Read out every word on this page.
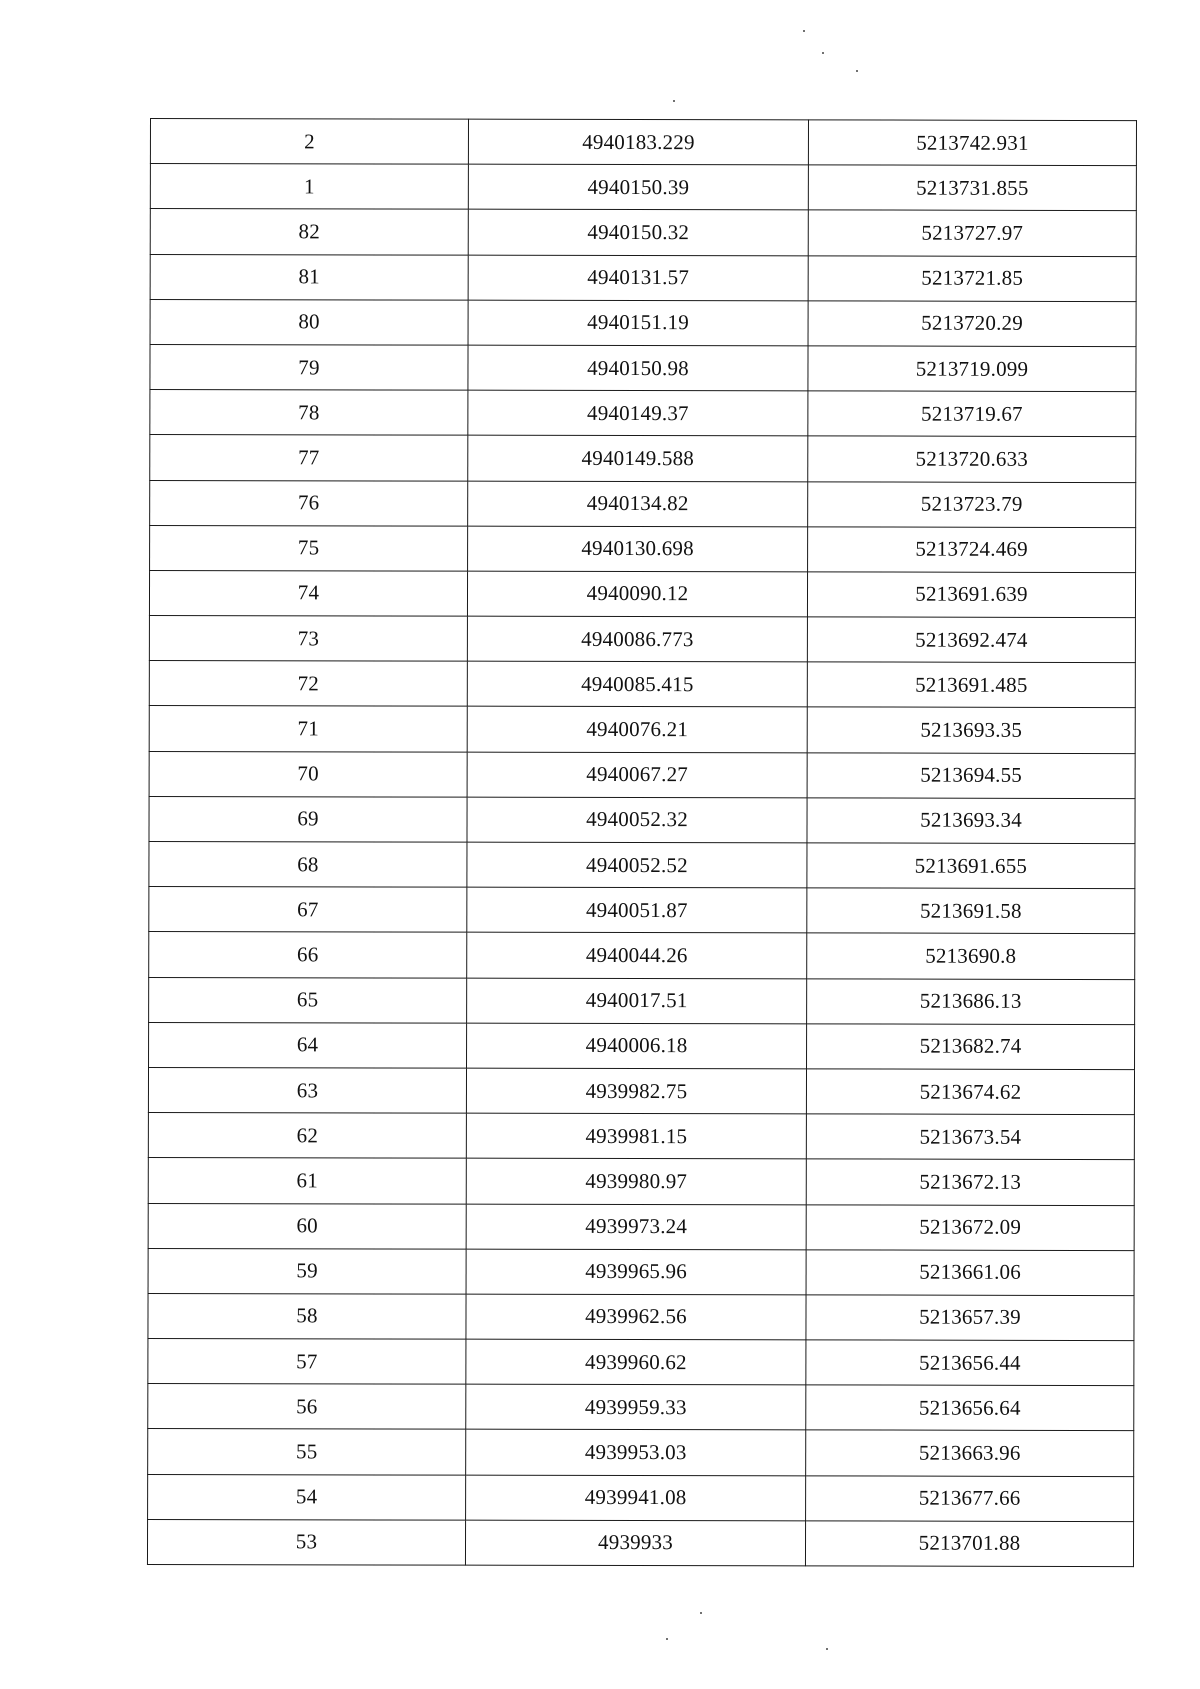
2	4940183.229	5213742.931
1	4940150.39	5213731.855
82	4940150.32	5213727.97
81	4940131.57	5213721.85
80	4940151.19	5213720.29
79	4940150.98	5213719.099
78	4940149.37	5213719.67
77	4940149.588	5213720.633
76	4940134.82	5213723.79
75	4940130.698	5213724.469
74	4940090.12	5213691.639
73	4940086.773	5213692.474
72	4940085.415	5213691.485
71	4940076.21	5213693.35
70	4940067.27	5213694.55
69	4940052.32	5213693.34
68	4940052.52	5213691.655
67	4940051.87	5213691.58
66	4940044.26	5213690.8
65	4940017.51	5213686.13
64	4940006.18	5213682.74
63	4939982.75	5213674.62
62	4939981.15	5213673.54
61	4939980.97	5213672.13
60	4939973.24	5213672.09
59	4939965.96	5213661.06
58	4939962.56	5213657.39
57	4939960.62	5213656.44
56	4939959.33	5213656.64
55	4939953.03	5213663.96
54	4939941.08	5213677.66
53	4939933	5213701.88
